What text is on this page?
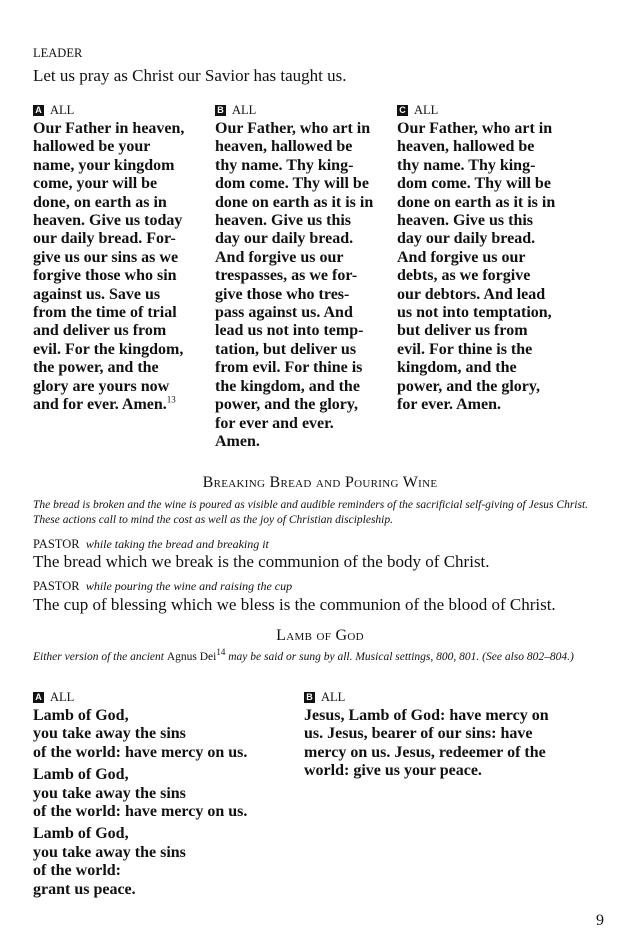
LEADER
Let us pray as Christ our Savior has taught us.
A ALL
Our Father in heaven,
hallowed be your
name, your kingdom
come, your will be
done, on earth as in
heaven. Give us today
our daily bread. For-
give us our sins as we
forgive those who sin
against us. Save us
from the time of trial
and deliver us from
evil. For the kingdom,
the power, and the
glory are yours now
and for ever. Amen.$^{13}$
B ALL
Our Father, who art in
heaven, hallowed be
thy name. Thy king-
dom come. Thy will be
done on earth as it is in
heaven. Give us this
day our daily bread.
And forgive us our
trespasses, as we for-
give those who tres-
pass against us. And
lead us not into temp-
tation, but deliver us
from evil. For thine is
the kingdom, and the
power, and the glory,
for ever and ever.
Amen.
C ALL
Our Father, who art in
heaven, hallowed be
thy name. Thy king-
dom come. Thy will be
done on earth as it is in
heaven. Give us this
day our daily bread.
And forgive us our
debts, as we forgive
our debtors. And lead
us not into temptation,
but deliver us from
evil. For thine is the
kingdom, and the
power, and the glory,
for ever. Amen.
Breaking Bread and Pouring Wine
The bread is broken and the wine is poured as visible and audible reminders of the sacrificial self-giving of Jesus Christ. These actions call to mind the cost as well as the joy of Christian discipleship.
PASTOR while taking the bread and breaking it
The bread which we break is the communion of the body of Christ.
PASTOR while pouring the wine and raising the cup
The cup of blessing which we bless is the communion of the blood of Christ.
Lamb of God
Either version of the ancient Agnus Dei$^{14}$ may be said or sung by all. Musical settings, 800, 801. (See also 802–804.)
A ALL
Lamb of God,
you take away the sins
of the world: have mercy on us.
Lamb of God,
you take away the sins
of the world: have mercy on us.
Lamb of God,
you take away the sins
of the world:
grant us peace.
B ALL
Jesus, Lamb of God: have mercy on
us. Jesus, bearer of our sins: have
mercy on us. Jesus, redeemer of the
world: give us your peace.
9
